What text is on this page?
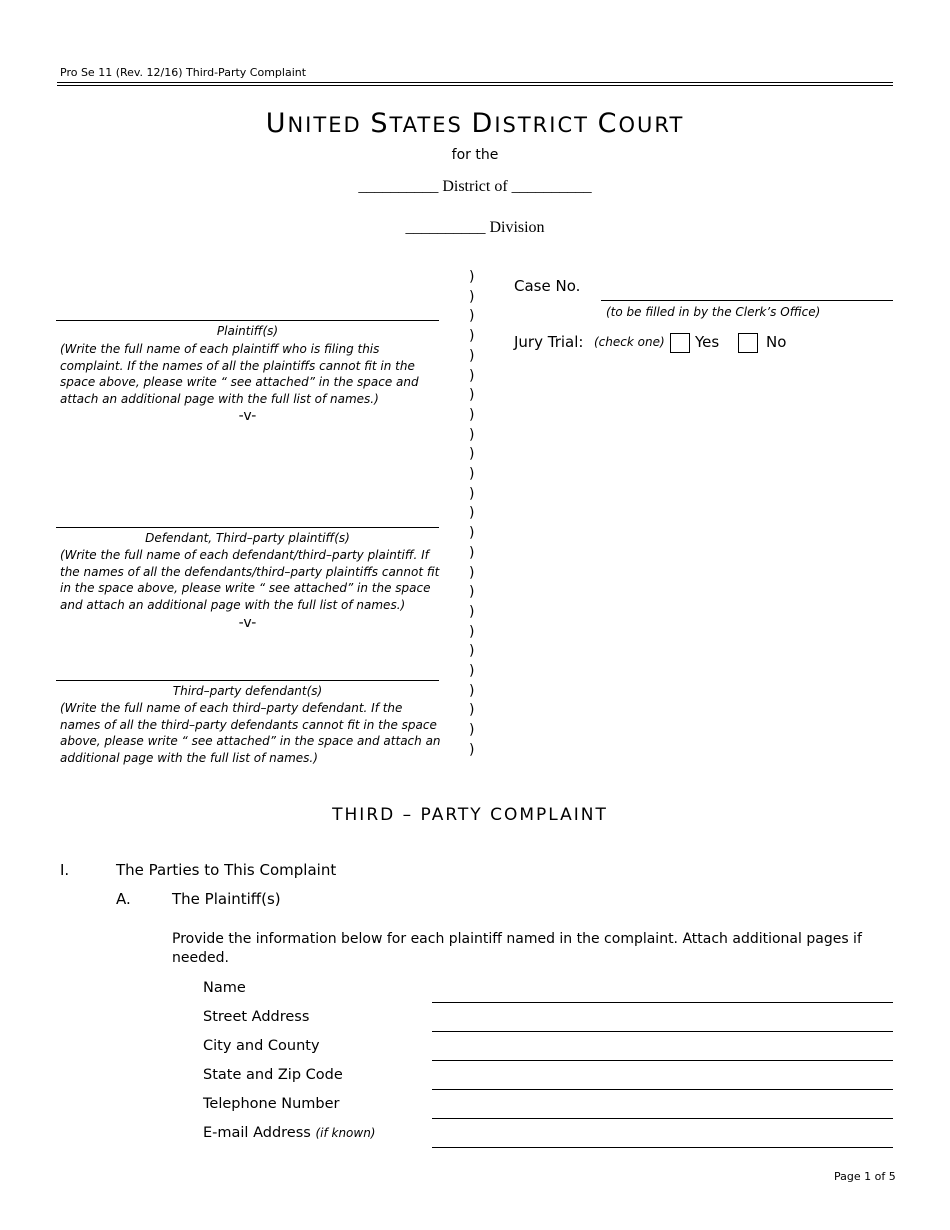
Pro Se 11 (Rev. 12/16) Third-Party Complaint
UNITED STATES DISTRICT COURT
for the
__________ District of __________
__________ Division
Plaintiff(s)
(Write the full name of each plaintiff who is filing this complaint. If the names of all the plaintiffs cannot fit in the space above, please write “ see attached” in the space and attach an additional page with the full list of names.)
-v-
Defendant, Third–party plaintiff(s)
(Write the full name of each defendant/third–party plaintiff. If the names of all the defendants/third–party plaintiffs cannot fit in the space above, please write “ see attached” in the space and attach an additional page with the full list of names.)
-v-
Third–party defendant(s)
(Write the full name of each third–party defendant. If the names of all the third–party defendants cannot fit in the space above, please write “ see attached” in the space and attach an additional page with the full list of names.)
)
)
)
)
)
)
)
)
)
)
)
)
)
)
)
)
)
)
)
)
)
)
)
)
)
Case No.
(to be filled in by the Clerk’s Office)
Jury Trial: (check one) Yes	No
THIRD – PARTY COMPLAINT
I.	The Parties to This Complaint
A.	The Plaintiff(s)
Provide the information below for each plaintiff named in the complaint. Attach additional pages if needed.
Name
Street Address
City and County
State and Zip Code
Telephone Number
E-mail Address (if known)
Page 1 of 5
